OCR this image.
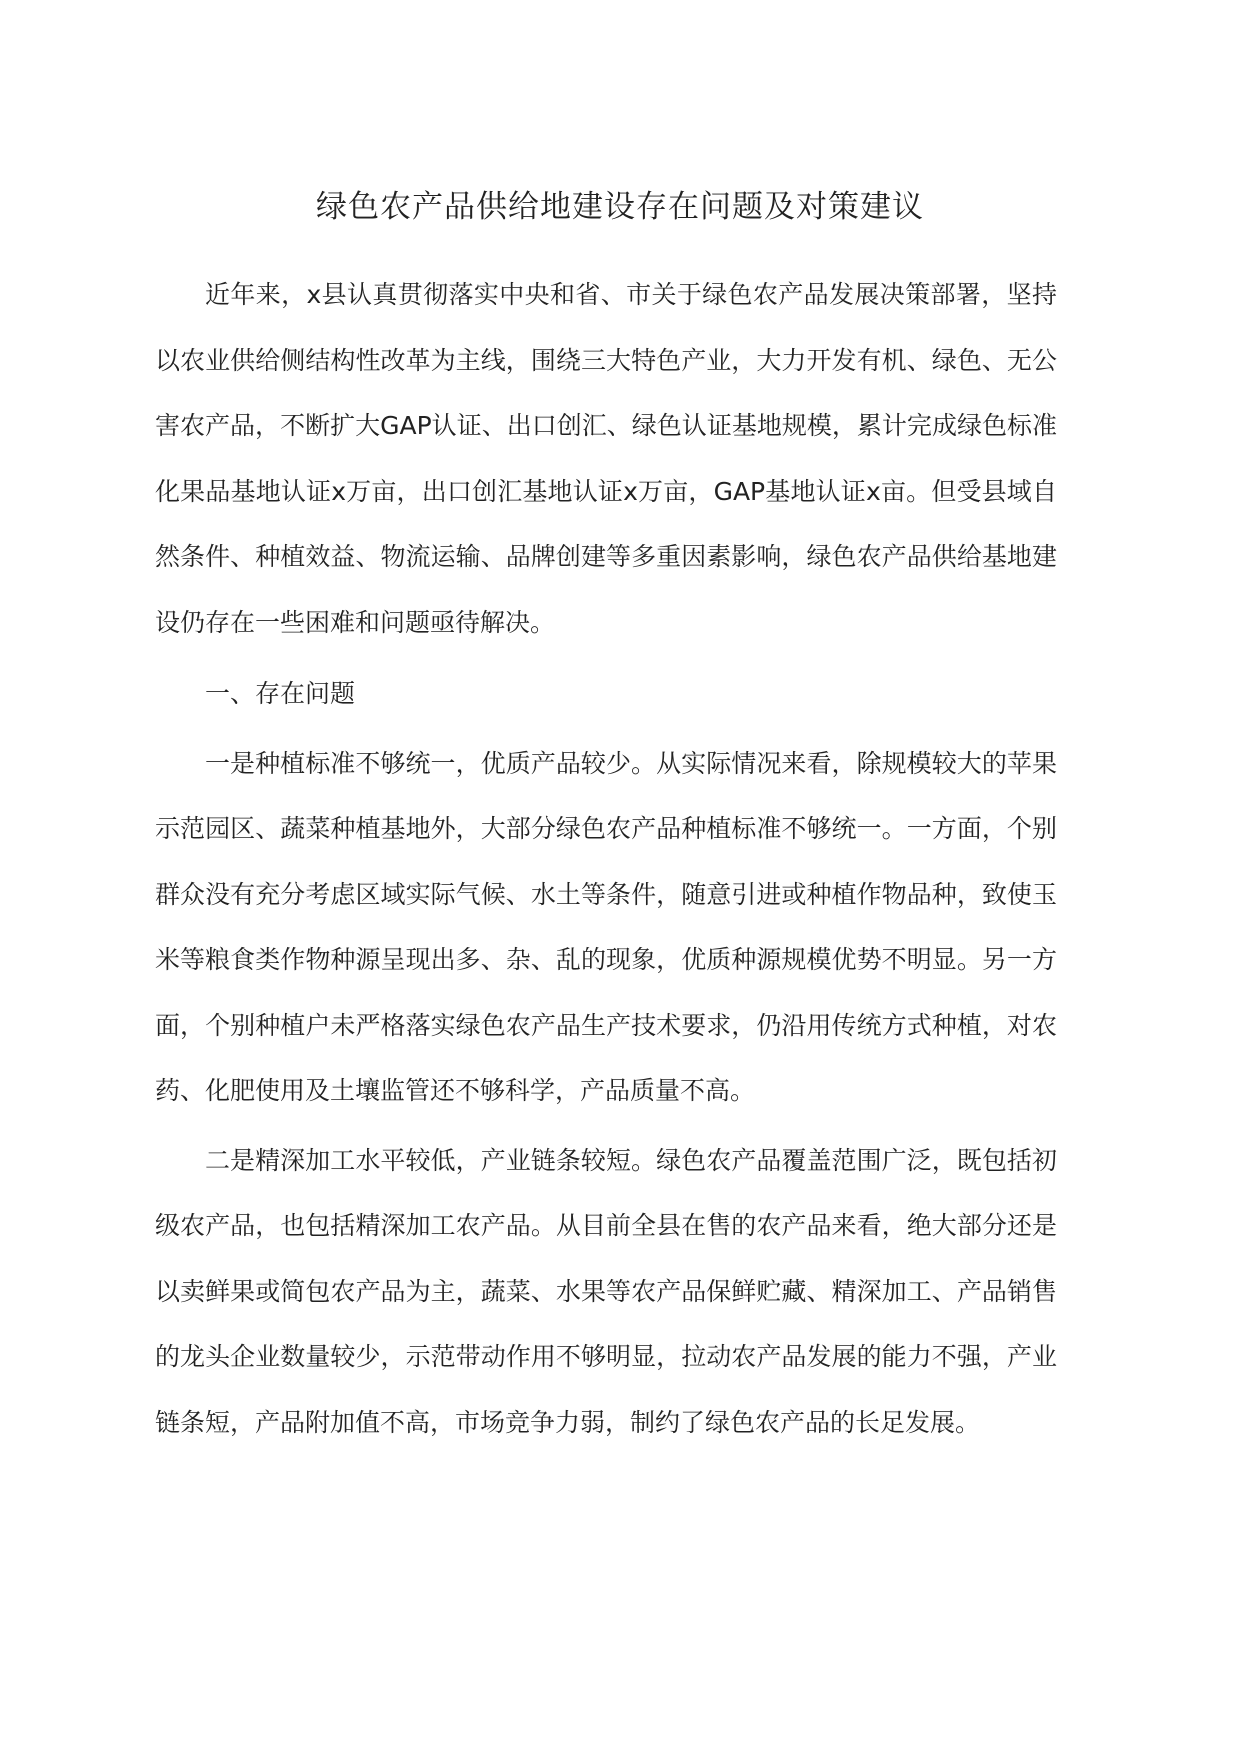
绿色农产品供给地建设存在问题及对策建议

近年来，x县认真贯彻落实中央和省、市关于绿色农产品发展决策部署，坚持以农业供给侧结构性改革为主线，围绕三大特色产业，大力开发有机、绿色、无公害农产品，不断扩大GAP认证、出口创汇、绿色认证基地规模，累计完成绿色标准化果品基地认证x万亩，出口创汇基地认证x万亩，GAP基地认证x亩。但受县域自然条件、种植效益、物流运输、品牌创建等多重因素影响，绿色农产品供给基地建设仍存在一些困难和问题亟待解决。

一、存在问题

一是种植标准不够统一，优质产品较少。从实际情况来看，除规模较大的苹果示范园区、蔬菜种植基地外，大部分绿色农产品种植标准不够统一。一方面，个别群众没有充分考虑区域实际气候、水土等条件，随意引进或种植作物品种，致使玉米等粮食类作物种源呈现出多、杂、乱的现象，优质种源规模优势不明显。另一方面，个别种植户未严格落实绿色农产品生产技术要求，仍沿用传统方式种植，对农药、化肥使用及土壤监管还不够科学，产品质量不高。

二是精深加工水平较低，产业链条较短。绿色农产品覆盖范围广泛，既包括初级农产品，也包括精深加工农产品。从目前全县在售的农产品来看，绝大部分还是以卖鲜果或简包农产品为主，蔬菜、水果等农产品保鲜贮藏、精深加工、产品销售的龙头企业数量较少，示范带动作用不够明显，拉动农产品发展的能力不强，产业链条短，产品附加值不高，市场竞争力弱，制约了绿色农产品的长足发展。
